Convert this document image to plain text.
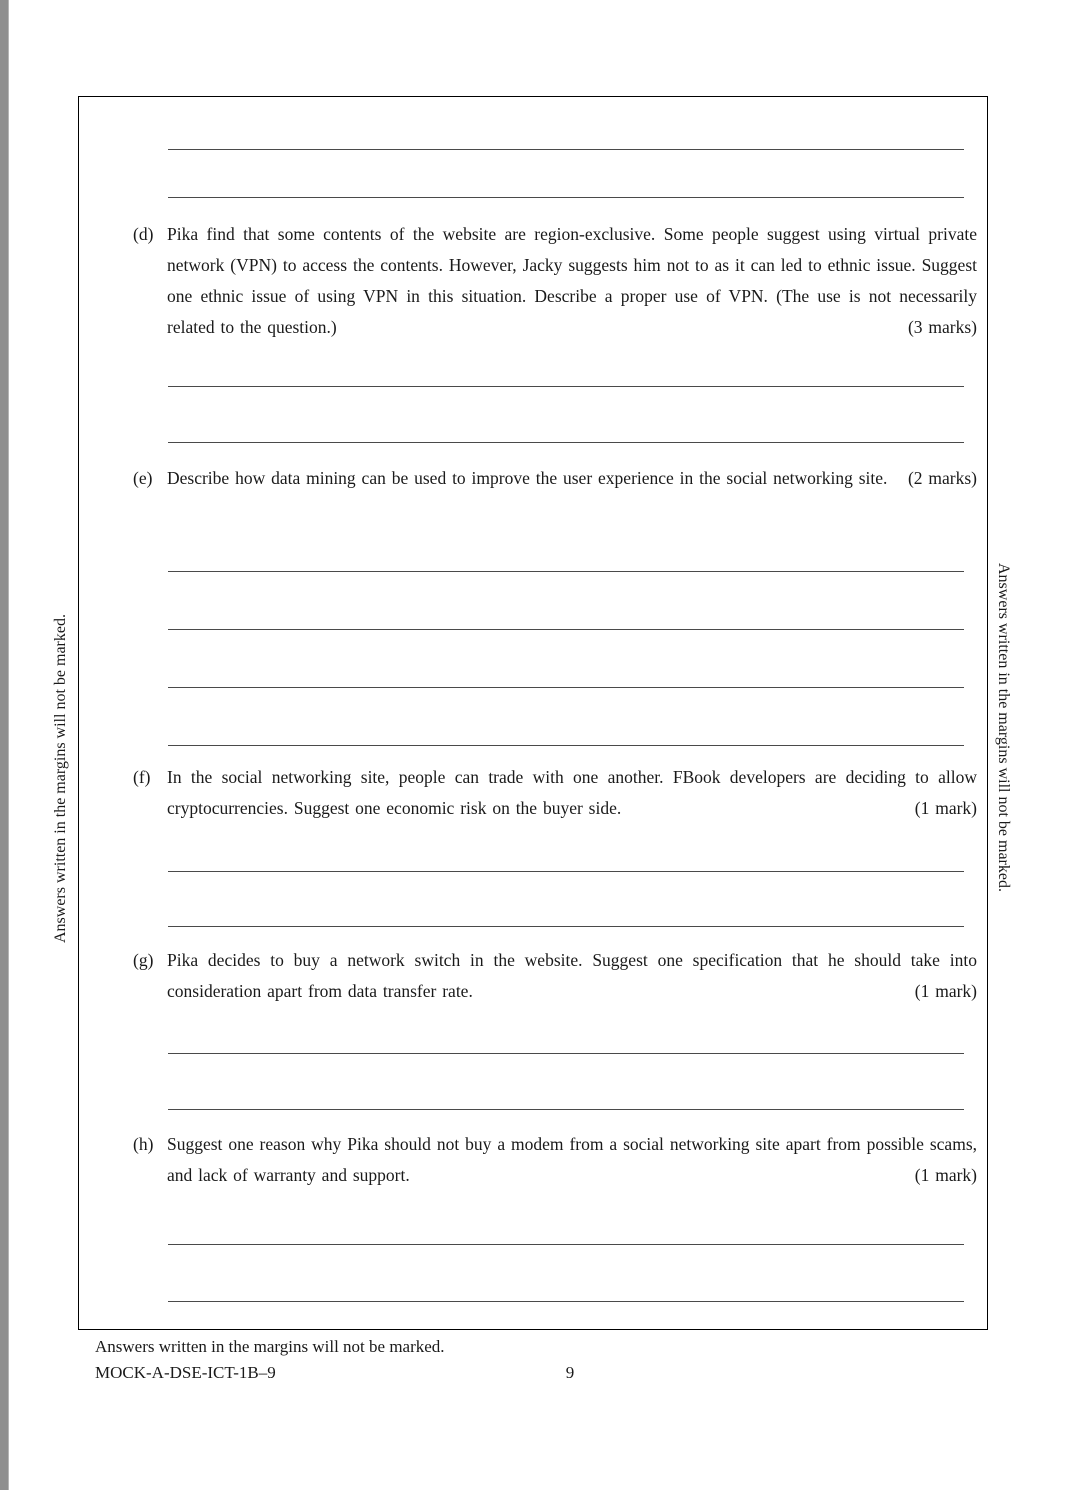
Answers written in the margins will not be marked.	Answers written in the margins will not be marked.
(d) Pika find that some contents of the website are region-exclusive. Some people suggest using virtual private network (VPN) to access the contents. However, Jacky suggests him not to as it can led to ethnic issue. Suggest one ethnic issue of using VPN in this situation. Describe a proper use of VPN. (The use is not necessarily related to the question.)	(3 marks)
(e) Describe how data mining can be used to improve the user experience in the social networking site. (2 marks)
(f) In the social networking site, people can trade with one another. FBook developers are deciding to allow cryptocurrencies. Suggest one economic risk on the buyer side.	(1 mark)
(g) Pika decides to buy a network switch in the website. Suggest one specification that he should take into consideration apart from data transfer rate.	(1 mark)
(h) Suggest one reason why Pika should not buy a modem from a social networking site apart from possible scams, and lack of warranty and support.	(1 mark)
Answers written in the margins will not be marked.
MOCK-A-DSE-ICT-1B–9	9
